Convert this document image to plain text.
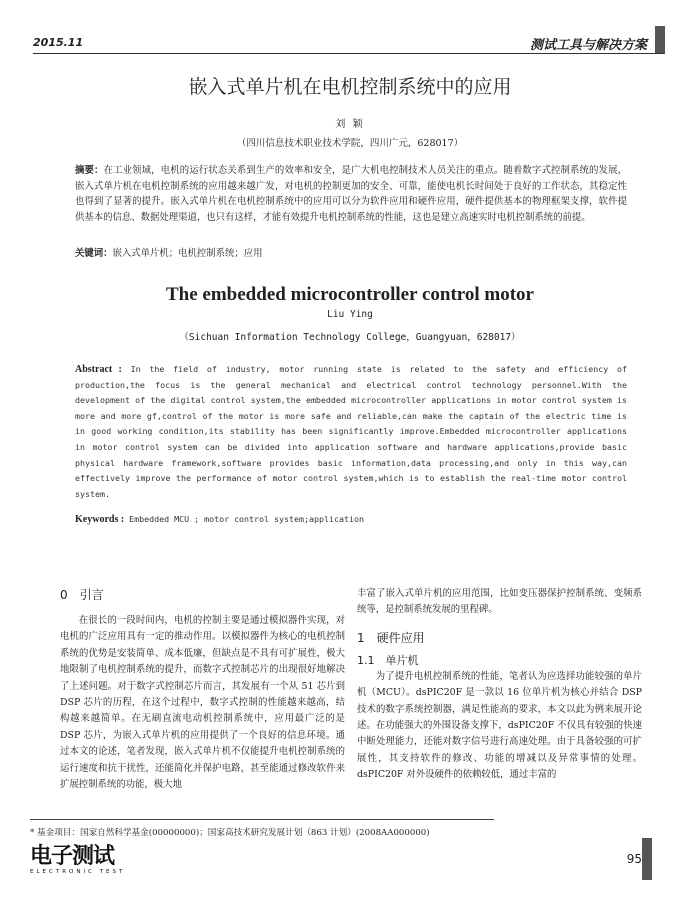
2015.11	测试工具与解决方案
嵌入式单片机在电机控制系统中的应用
刘 颖
（四川信息技术职业技术学院，四川广元，628017）
摘要：在工业领域，电机的运行状态关系到生产的效率和安全，是广大机电控制技术人员关注的重点。随着数字式控制系统的发展，嵌入式单片机在电机控制系统的应用越来越广发，对电机的控制更加的安全、可靠，能使电机长时间处于良好的工作状态，其稳定性也得到了显著的提升。嵌入式单片机在电机控制系统中的应用可以分为软件应用和硬件应用，硬件提供基本的物理框架支撑，软件提供基本的信息、数据处理渠道，也只有这样，才能有效提升电机控制系统的性能，这也是建立高速实时电机控制系统的前提。
关键词：嵌入式单片机；电机控制系统；应用
The embedded microcontroller control motor
Liu Ying
（Sichuan Information Technology College，Guangyuan，628017）
Abstract : In the field of industry, motor running state is related to the safety and efficiency of production,the focus is the general mechanical and electrical control technology personnel.With the development of the digital control system,the embedded microcontroller applications in motor control system is more and more gf,control of the motor is more safe and reliable,can make the captain of the electric time is in good working condition,its stability has been significantly improve.Embedded microcontroller applications in motor control system can be divided into application software and hardware applications,provide basic physical hardware framework,software provides basic information,data processing,and only in this way,can effectively improve the performance of motor control system,which is to establish the real-time motor control system.
Keywords : Embedded MCU ; motor control system;application
0　引言
在很长的一段时间内，电机的控制主要是通过模拟器件实现，对电机的广泛应用具有一定的推动作用。以模拟器件为核心的电机控制系统的优势是安装简单、成本低廉，但缺点是不具有可扩展性，极大地限制了电机控制系统的提升，而数字式控制芯片的出现很好地解决了上述问题。对于数字式控制芯片而言，其发展有一个从 51 芯片到 DSP 芯片的历程，在这个过程中，数字式控制的性能越来越高，结构越来越简单。在无刷直流电动机控制系统中，应用最广泛的是 DSP 芯片，为嵌入式单片机的应用提供了一个良好的信息环境。通过本文的论述，笔者发现，嵌入式单片机不仅能提升电机控制系统的运行速度和抗干扰性，还能简化并保护电路，甚至能通过修改软件来扩展控制系统的功能，极大地
丰富了嵌入式单片机的应用范围，比如变压器保护控制系统、变频系统等，是控制系统发展的里程碑。
1　硬件应用
1.1　单片机
为了提升电机控制系统的性能，笔者认为应选择功能较强的单片机（MCU）。dsPIC20F 是一款以 16 位单片机为核心并结合 DSP 技术的数字系统控制器，满足性能高的要求，本文以此为例来展开论述。在功能强大的外围设备支撑下，dsPIC20F 不仅具有较强的快速中断处理能力，还能对数字信号进行高速处理。由于具备较强的可扩展性，其支持软件的修改、功能的增减以及异常事情的处理。dsPIC20F 对外设硬件的依赖较低，通过丰富的
* 基金项目：国家自然科学基金(00000000)；国家高技术研究发展计划（863 计划）(2008AA000000)
电子测试
ELECTRONIC TEST
95
